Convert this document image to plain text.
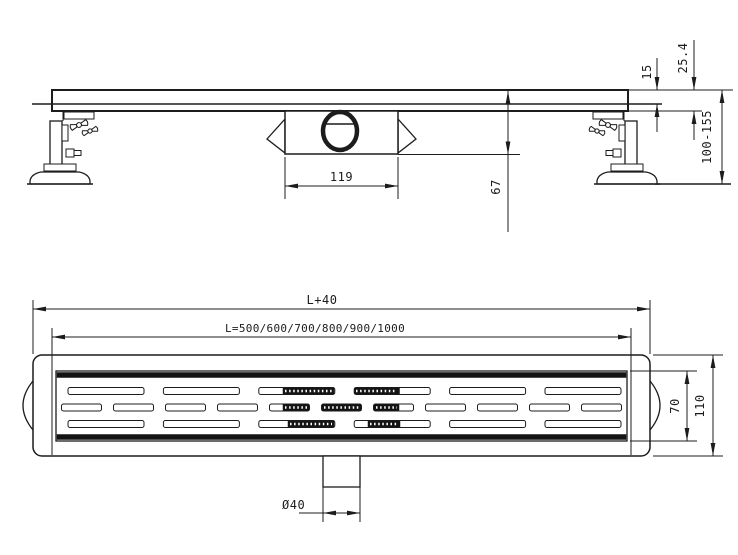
119
67
15 25.4
100-155
L+40
L=500/600/700/800/900/1000
70 110
Ø40
